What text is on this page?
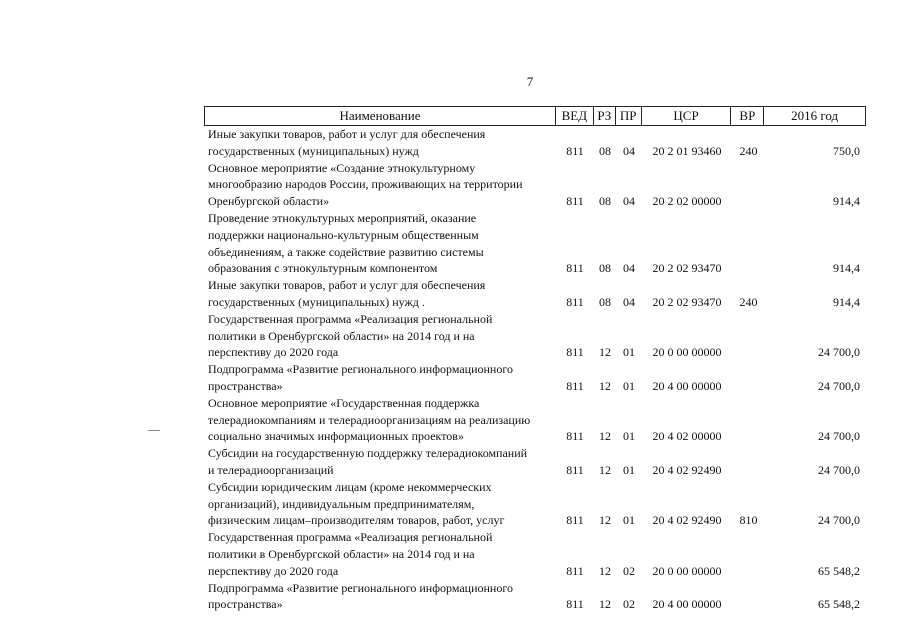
7
Наименование	ВЕД РЗ ПР	ЦСР	ВР	2016 год
Иные закупки товаров, работ и услуг для обеспечения
государственных (муниципальных) нужд	811	08	04	20 2 01 93460	240	750,0
Основное мероприятие «Создание этнокультурному
многообразию народов России, проживающих на территории
Оренбургской области»	811	08	04	20 2 02 00000	914,4
Проведение этнокультурных мероприятий, оказание
поддержки национально-культурным общественным
объединениям, а также содействие развитию системы
образования с этнокультурным компонентом	811	08	04	20 2 02 93470	914,4
Иные закупки товаров, работ и услуг для обеспечения
государственных (муниципальных) нужд .	811	08	04	20 2 02 93470	240	914,4
Государственная программа «Реализация региональной
политики в Оренбургской области» на 2014 год и на
перспективу до 2020 года	811	12	01	20 0 00 00000	24 700,0
Подпрограмма «Развитие регионального информационного
пространства»	811	12	01	20 4 00 00000	24 700,0
Основное мероприятие «Государственная поддержка
телерадиокомпаниям и телерадиоорганизациям на реализацию
социально значимых информационных проектов»	811	12	01	20 4 02 00000	24 700,0
Субсидии на государственную поддержку телерадиокомпаний
и телерадиоорганизаций	811	12	01	20 4 02 92490	24 700,0
Субсидии юридическим лицам (кроме некоммерческих
организаций), индивидуальным предпринимателям,
физическим лицам–производителям товаров, работ, услуг	811	12	01	20 4 02 92490	810	24 700,0
Государственная программа «Реализация региональной
политики в Оренбургской области» на 2014 год и на
перспективу до 2020 года	811	12	02	20 0 00 00000	65 548,2
Подпрограмма «Развитие регионального информационного
пространства»	811	12	02	20 4 00 00000	65 548,2
